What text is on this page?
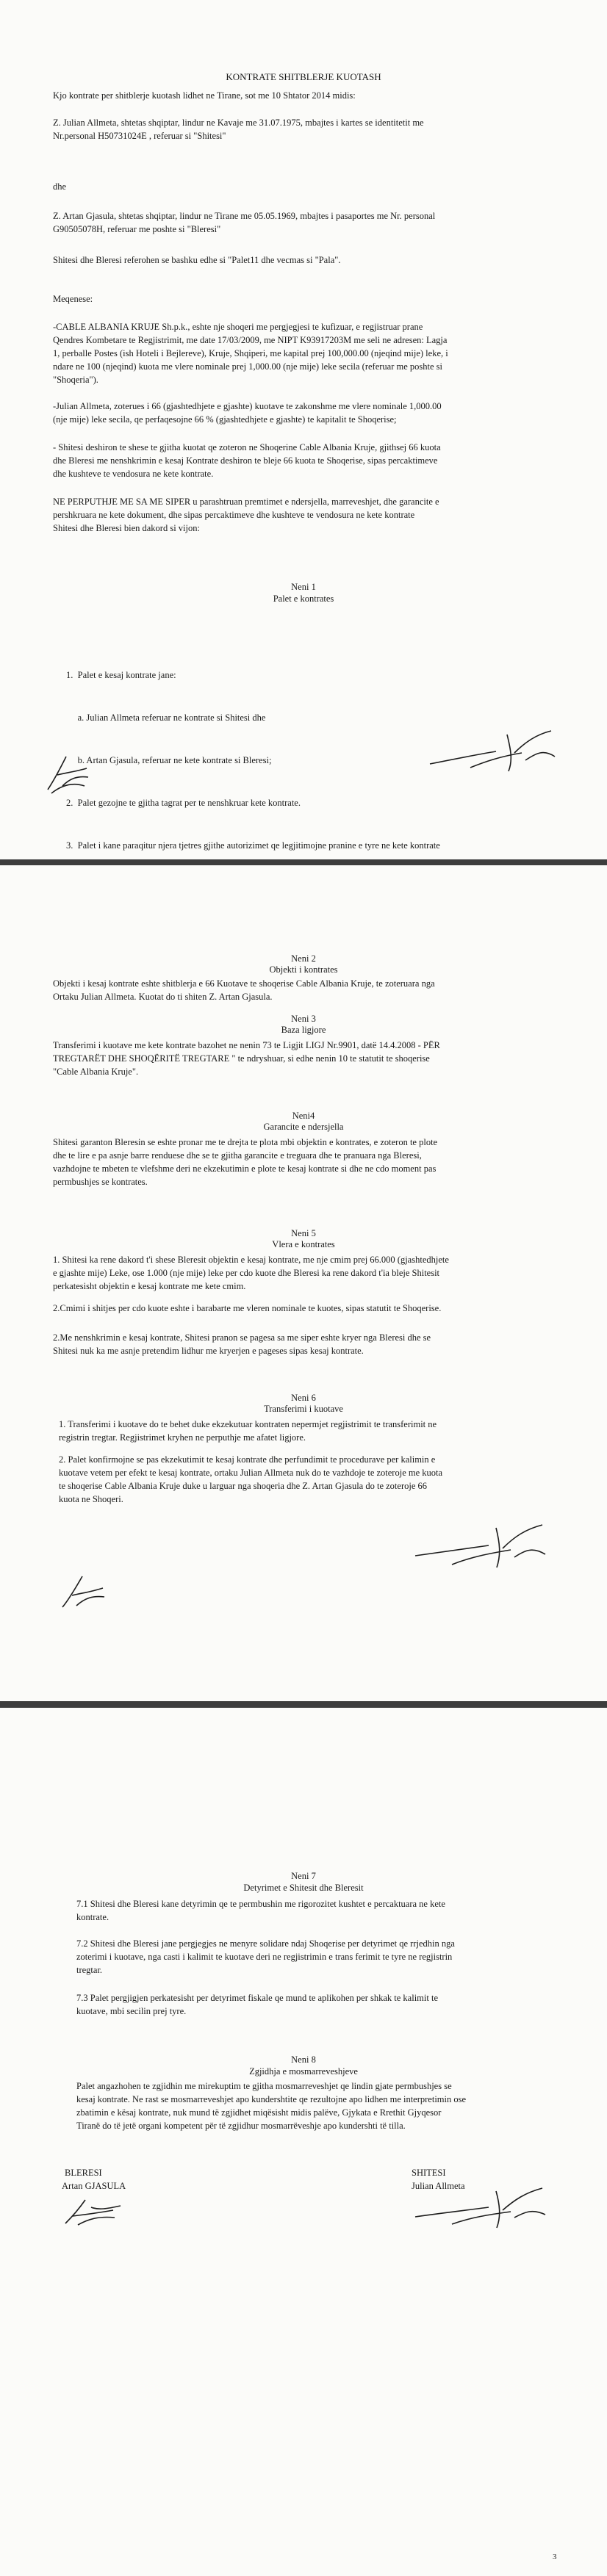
KONTRATE SHITBLERJE KUOTASH
Kjo kontrate per shitblerje kuotash lidhet ne Tirane, sot me 10 Shtator 2014 midis:

Z. Julian Allmeta, shtetas shqiptar, lindur ne Kavaje me 31.07.1975, mbajtes i kartes se identitetit me

Nr.personal H50731024E , referuar si "Shitesi"

dhe

Z. Artan Gjasula, shtetas shqiptar, lindur ne Tirane me 05.05.1969, mbajtes i pasaportes me Nr. personal

G90505078H, referuar me poshte si "Bleresi"

Shitesi dhe Bleresi referohen se bashku edhe si "Palet11 dhe vecmas si "Pala".
Meqenese:

-CABLE ALBANIA KRUJE Sh.p.k., eshte nje shoqeri me pergjegjesi te kufizuar, e regjistruar prane

Qendres Kombetare te Regjistrimit, me date 17/03/2009, me NIPT K93917203M me seli ne adresen: Lagja

1, perballe Postes (ish Hoteli i Bejlereve), Kruje, Shqiperi, me kapital prej 100,000.00 (njeqind mije) leke, i

ndare ne 100 (njeqind) kuota me vlere nominale prej 1,000.00 (nje mije) leke secila (referuar me poshte si

"Shoqeria").

-Julian Allmeta, zoterues i 66 (gjashtedhjete e gjashte) kuotave te zakonshme me vlere nominale 1,000.00

(nje mije) leke secila, qe perfaqesojne 66 % (gjashtedhjete e gjashte) te kapitalit te Shoqerise;

- Shitesi deshiron te shese te gjitha kuotat qe zoteron ne Shoqerine Cable Albania Kruje, gjithsej 66 kuota

dhe Bleresi me nenshkrimin e kesaj Kontrate deshiron te bleje 66 kuota te Shoqerise, sipas percaktimeve

dhe kushteve te vendosura ne kete kontrate.

NE PERPUTHJE ME SA ME SIPER u parashtruan premtimet e ndersjella, marreveshjet, dhe garancite e

pershkruara ne kete dokument, dhe sipas percaktimeve dhe kushteve te vendosura ne kete kontrate

Shitesi dhe Bleresi bien dakord si vijon:

Neni 1
Palet e kontrates

1.  Palet e kesaj kontrate jane:

a. Julian Allmeta referuar ne kontrate si Shitesi dhe

b. Artan Gjasula, referuar ne kete kontrate si Bleresi;

2.  Palet gezojne te gjitha tagrat per te nenshkruar kete kontrate.

3.  Palet i kane paraqitur njera tjetres gjithe autorizimet qe legjitimojne pranine e tyre ne kete kontrate

Neni 2
Objekti i kontrates

Objekti i kesaj kontrate eshte shitblerja e 66 Kuotave te shoqerise Cable Albania Kruje, te zoteruara nga

Ortaku Julian Allmeta. Kuotat do ti shiten Z. Artan Gjasula.

Neni 3
Baza ligjore

Transferimi i kuotave me kete kontrate bazohet ne nenin 73 te Ligjit LIGJ Nr.9901, datë 14.4.2008 - PËR

TREGTARËT DHE SHOQËRITË TREGTARE " te ndryshuar, si edhe nenin 10 te statutit te shoqerise

"Cable Albania Kruje".

Neni4
Garancite e ndersjella

Shitesi garanton Bleresin se eshte pronar me te drejta te plota mbi objektin e kontrates, e zoteron te plote

dhe te lire e pa asnje barre renduese dhe se te gjitha garancite e treguara dhe te pranuara nga Bleresi,

vazhdojne te mbeten te vlefshme deri ne ekzekutimin e plote te kesaj kontrate si dhe ne cdo moment pas

permbushjes se kontrates.

Neni 5
Vlera e kontrates

1. Shitesi ka rene dakord t'i shese Bleresit objektin e kesaj kontrate, me nje cmim prej 66.000 (gjashtedhjete

e gjashte mije) Leke, ose 1.000 (nje mije) leke per cdo kuote dhe Bleresi ka rene dakord t'ia bleje Shitesit

perkatesisht objektin e kesaj kontrate me kete cmim.

2.Cmimi i shitjes per cdo kuote eshte i barabarte me vleren nominale te kuotes, sipas statutit te Shoqerise.

2.Me nenshkrimin e kesaj kontrate, Shitesi pranon se pagesa sa me siper eshte kryer nga Bleresi dhe se

Shitesi nuk ka me asnje pretendim lidhur me kryerjen e pageses sipas kesaj kontrate.

Neni 6
Transferimi i kuotave

1. Transferimi i kuotave do te behet duke ekzekutuar kontraten nepermjet regjistrimit te transferimit ne

registrin tregtar. Regjistrimet kryhen ne perputhje me afatet ligjore.

2. Palet konfirmojne se pas ekzekutimit te kesaj kontrate dhe perfundimit te procedurave per kalimin e

kuotave vetem per efekt te kesaj kontrate, ortaku Julian Allmeta nuk do te vazhdoje te zoteroje me kuota

te shoqerise Cable Albania Kruje duke u larguar nga shoqeria dhe Z. Artan Gjasula do te zoteroje 66

kuota ne Shoqeri.

Neni 7
Detyrimet e Shitesit dhe Bleresit

7.1 Shitesi dhe Bleresi kane detyrimin qe te permbushin me rigorozitet kushtet e percaktuara ne kete

kontrate.

7.2 Shitesi dhe Bleresi jane pergjegjes ne menyre solidare ndaj Shoqerise per detyrimet qe rrjedhin nga

zoterimi i kuotave, nga casti i kalimit te kuotave deri ne regjistrimin e trans ferimit te tyre ne regjistrin

tregtar.

7.3 Palet pergjigjen perkatesisht per detyrimet fiskale qe mund te aplikohen per shkak te kalimit te

kuotave, mbi secilin prej tyre.

Neni 8
Zgjidhja e mosmarreveshjeve

Palet angazhohen te zgjidhin me mirekuptim te gjitha mosmarreveshjet qe lindin gjate permbushjes se

kesaj kontrate. Ne rast se mosmarreveshjet apo kundershtite qe rezultojne apo lidhen me interpretimin ose

zbatimin e kësaj kontrate, nuk mund të zgjidhet miqësisht midis palëve, Gjykata e Rrethit Gjyqesor

Tiranë do të jetë organi kompetent për të zgjidhur mosmarrëveshje apo kundershti të tilla.

BLERESI
Artan GJASULA
SHITESI
Julian Allmeta
3
